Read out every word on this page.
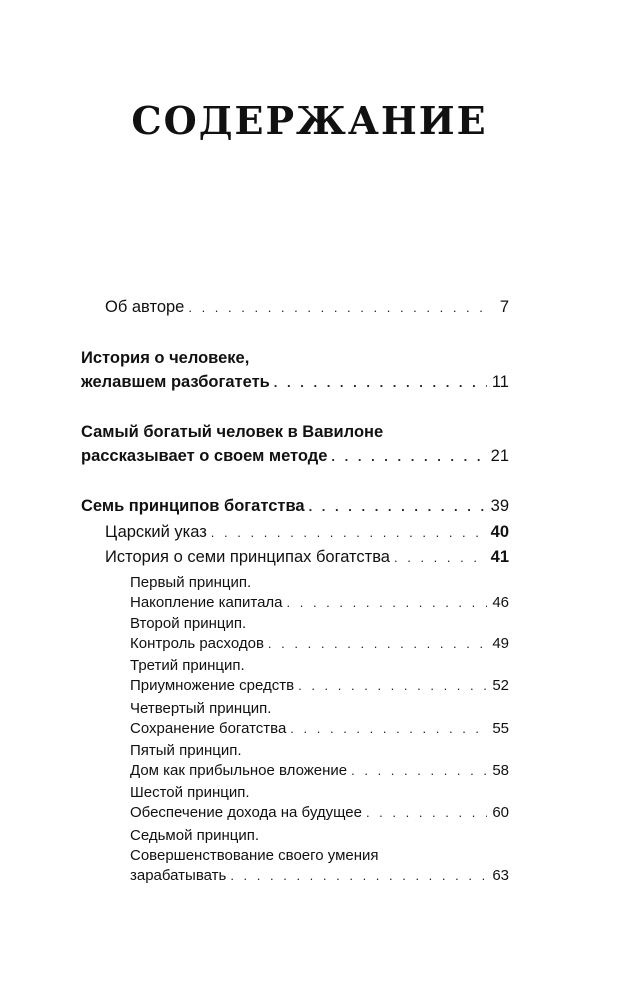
СОДЕРЖАНИЕ
Об авторе . . .	7
История о человеке,
желавшем разбогатеть . . .	11
Самый богатый человек в Вавилоне
рассказывает о своем методе . . .	21
Семь принципов богатства . . .	39
Царский указ . . .	40
История о семи принципах богатства . . .	41
Первый принцип.
Накопление капитала . . .	46
Второй принцип.
Контроль расходов . . .	49
Третий принцип.
Приумножение средств . . .	52
Четвертый принцип.
Сохранение богатства . . .	55
Пятый принцип.
Дом как прибыльное вложение . . .	58
Шестой принцип.
Обеспечение дохода на будущее . . .	60
Седьмой принцип.
Совершенствование своего умения
зарабатывать . . .	63
